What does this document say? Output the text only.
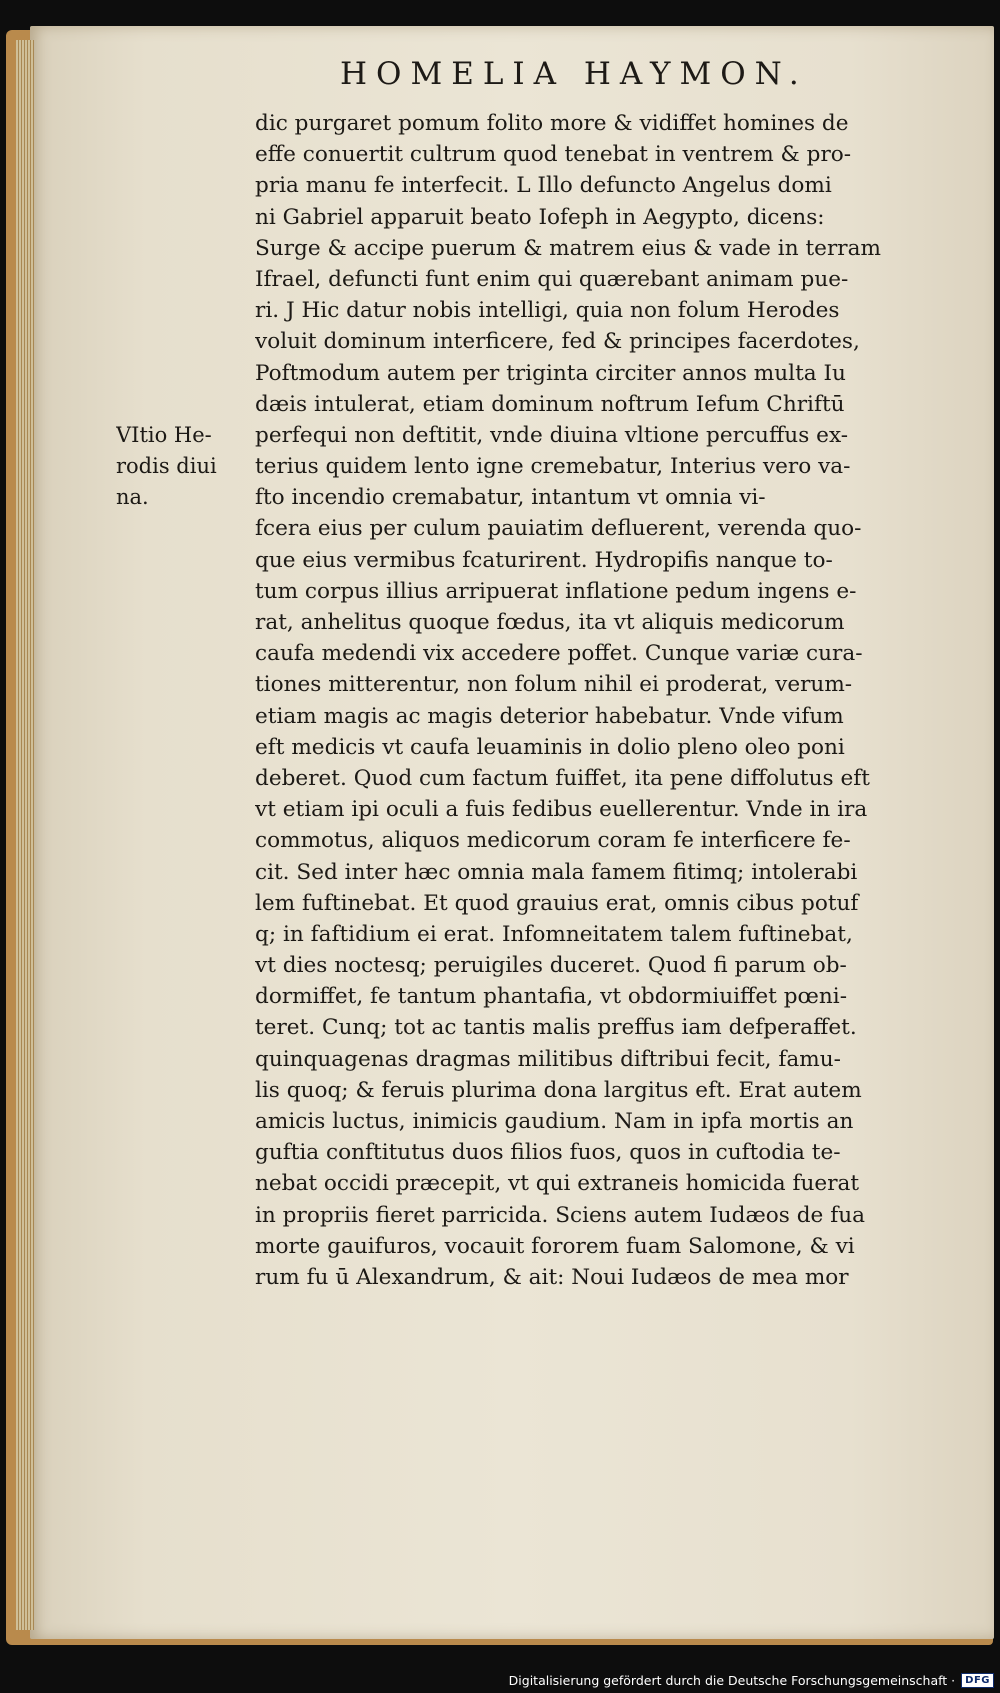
HOMELIA HAYMON.
VItio He-
rodis diui
na.
dic purgaret pomum folito more & vidiffet homines de
effe conuertit cultrum quod tenebat in ventrem & pro-
pria manu fe interfecit. L Illo defuncto Angelus domi
ni Gabriel apparuit beato Iofeph in Aegypto, dicens:
Surge & accipe puerum & matrem eius & vade in terram
Ifrael, defuncti funt enim qui quærebant animam pue-
ri. J Hic datur nobis intelligi, quia non folum Herodes
voluit dominum interficere, fed & principes facerdotes,
Poftmodum autem per triginta circiter annos multa Iu
dæis intulerat, etiam dominum noftrum Iefum Chriftū
perfequi non deftitit, vnde diuina vltione percuffus ex-
terius quidem lento igne cremebatur, Interius vero va-
fto incendio cremabatur, intantum vt omnia vi-
fcera eius per culum pauiatim defluerent, verenda quo-
que eius vermibus fcaturirent. Hydropifis nanque to-
tum corpus illius arripuerat inflatione pedum ingens e-
rat, anhelitus quoque fœdus, ita vt aliquis medicorum
caufa medendi vix accedere poffet. Cunque variæ cura-
tiones mitterentur, non folum nihil ei proderat, verum-
etiam magis ac magis deterior habebatur. Vnde vifum
eft medicis vt caufa leuaminis in dolio pleno oleo poni
deberet. Quod cum factum fuiffet, ita pene diffolutus eft
vt etiam ipi oculi a fuis fedibus euellerentur. Vnde in ira
commotus, aliquos medicorum coram fe interficere fe-
cit. Sed inter hæc omnia mala famem fitimq; intolerabi
lem fuftinebat. Et quod grauius erat, omnis cibus potuf
q; in faftidium ei erat. Infomneitatem talem fuftinebat,
vt dies noctesq; peruigiles duceret. Quod fi parum ob-
dormiffet, fe tantum phantafia, vt obdormiuiffet pœni-
teret. Cunq; tot ac tantis malis preffus iam defperaffet.
quinquagenas dragmas militibus diftribui fecit, famu-
lis quoq; & feruis plurima dona largitus eft. Erat autem
amicis luctus, inimicis gaudium. Nam in ipfa mortis an
guftia conftitutus duos filios fuos, quos in cuftodia te-
nebat occidi præcepit, vt qui extraneis homicida fuerat
in propriis fieret parricida. Sciens autem Iudæos de fua
morte gauifuros, vocauit fororem fuam Salomone, & vi
rum fu ū Alexandrum, & ait: Noui Iudæos de mea mor
Digitalisierung gefördert durch die Deutsche Forschungsgemeinschaft ·	DFG
